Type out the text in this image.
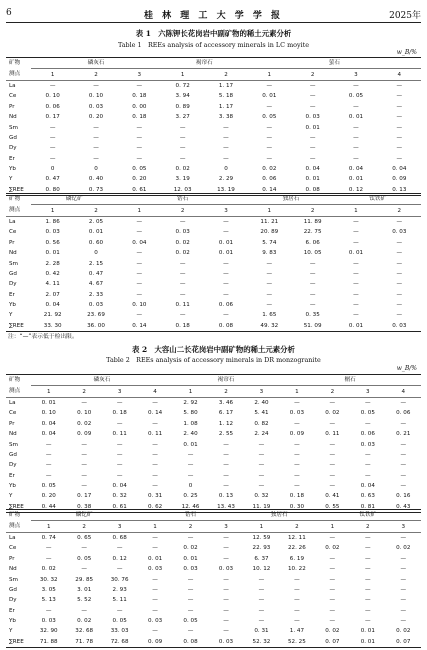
6	桂 林 理 工 大 学 学 报	2025年
表 1　六陈钾长花岗岩中副矿物的稀土元素分析
Table 1　REEs analysis of accessory minerals in LC moyite
w_B/%
矿物	磷灰石			褐帘石		萤石			
测点	1	2	3	1	2	1	2	3	4
La	—	—	—	0. 72	1. 17	—	—	—	—
Ce	0. 10	0. 10	0. 18	3. 94	5. 18	0. 01	—	0. 05	—
Pr	0. 06	0. 03	0. 00	0. 89	1. 17	—	—	—	—
Nd	0. 17	0. 20	0. 18	3. 27	3. 38	0. 05	0. 03	0. 01	—
Sm	—	—	—	—	—	—	0. 01	—	—
Gd	—	—	—	—	—	—	—	—	—
Dy	—	—	—	—	—	—	—	—	—
Er	—	—	—	—	—	—	—	—	—
Yb	0	0	0. 05	0. 02	0	0. 02	0. 04	0. 04	0. 04
Y	0. 47	0. 40	0. 20	3. 19	2. 29	0. 06	0. 01	0. 01	0. 09
∑REE	0. 80	0. 73	0. 61	12. 03	13. 19	0. 14	0. 08	0. 12	0. 13
矿物	磷钇矿		锆石			独居石		钛铁矿	
测点	1	2	1	2	3	1	2	1	2
La	1. 86	2. 05	—	—	—	11. 21	11. 89	—	—
Ce	0. 03	0. 01	—	0. 03	—	20. 89	22. 75	—	0. 03
Pr	0. 56	0. 60	0. 04	0. 02	0. 01	5. 74	6. 06	—	—
Nd	0. 01	0	—	0. 02	0. 01	9. 83	10. 05	0. 01	—
Sm	2. 28	2. 15	—	—	—	—	—	—	—
Gd	0. 42	0. 47	—	—	—	—	—	—	—
Dy	4. 11	4. 67	—	—	—	—	—	—	—
Er	2. 07	2. 33	—	—	—	—	—	—	—
Yb	0. 04	0. 03	0. 10	0. 11	0. 06	—	—	—	—
Y	21. 92	23. 69	—	—	—	1. 65	0. 35	—	—
∑REE	33. 30	36. 00	0. 14	0. 18	0. 08	49. 32	51. 09	0. 01	0. 03
注：“—”表示低于检出限。
表 2　大容山二长花岗岩中副矿物的稀土元素分析
Table 2　REEs analysis of accessory minerals in DR monzogranite
w_B/%
矿物	磷灰石				褐帘石			榍石			
测点	1	2	3	4	1	2	3	1	2	3	4
La	0. 01	—	—	—	2. 92	3. 46	2. 40	—	—	—	—
Ce	0. 10	0. 10	0. 18	0. 14	5. 80	6. 17	5. 41	0. 03	0. 02	0. 05	0. 06
Pr	0. 04	0. 02	—	—	1. 08	1. 12	0. 82	—	—	—	—
Nd	0. 04	0. 09	0. 11	0. 11	2. 40	2. 55	2. 24	0. 09	0. 11	0. 06	0. 21
Sm	—	—	—	—	0. 01	—	—	—	—	0. 03	—
Gd	—	—	—	—	—	—	—	—	—	—	—
Dy	—	—	—	—	—	—	—	—	—	—	—
Er	—	—	—	—	—	—	—	—	—	—	—
Yb	0. 05	—	0. 04	—	0	—	—	—	—	0. 04	—
Y	0. 20	0. 17	0. 32	0. 31	0. 25	0. 13	0. 32	0. 18	0. 41	0. 63	0. 16
∑REE	0. 44	0. 38	0. 61	0. 62	12. 46	13. 43	11. 19	0. 30	0. 55	0. 81	0. 43
矿物	磷钇矿			锆石			独居石		钛铁矿		
测点	1	2	3	1	2	3	1	2	1	2	3
La	0. 74	0. 65	0. 68	—	—	—	12. 59	12. 11	—	—	—
Ce	—	—	—	—	0. 02	—	22. 93	22. 26	0. 02	—	0. 02
Pr	—	0. 05	0. 12	0. 01	0. 01	—	6. 37	6. 19	—	—	—
Nd	0. 02	—	—	0. 03	0. 03	0. 03	10. 12	10. 22	—	—	—
Sm	30. 32	29. 85	30. 76	—	—	—	—	—	—	—	—
Gd	3. 05	3. 01	2. 93	—	—	—	—	—	—	—	—
Dy	5. 13	5. 52	5. 11	—	—	—	—	—	—	—	—
Er	—	—	—	—	—	—	—	—	—	—	—
Yb	0. 03	0. 02	0. 05	0. 03	0. 05	—	—	—	—	—	—
Y	32. 90	32. 68	33. 03	—	—	—	0. 31	1. 47	0. 02	0. 01	0. 02
∑REE	71. 88	71. 78	72. 68	0. 09	0. 08	0. 03	52. 32	52. 25	0. 07	0. 01	0. 07
